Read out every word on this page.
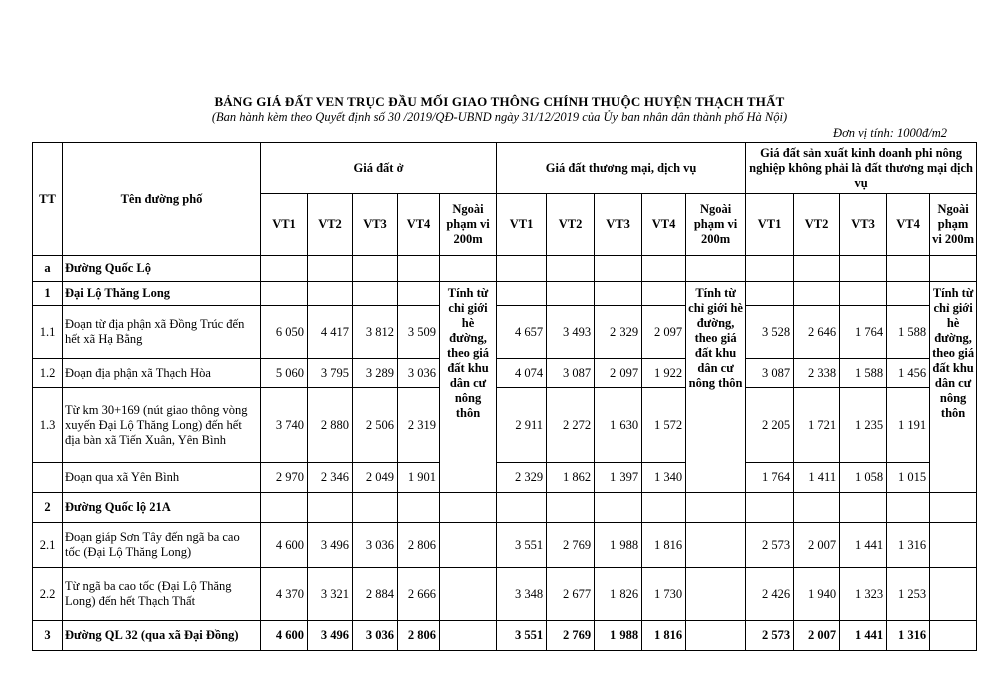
BẢNG GIÁ ĐẤT VEN TRỤC ĐẦU MỐI GIAO THÔNG CHÍNH THUỘC HUYỆN THẠCH THẤT
(Ban hành kèm theo Quyết định số 30 /2019/QĐ-UBND ngày 31/12/2019 của Ủy ban nhân dân thành phố Hà Nội)
Đơn vị tính: 1000đ/m2
TT	Tên đường phố	Giá đất ở					Giá đất thương mại, dịch vụ					Giá đất sản xuất kinh doanh phi nông nghiệp không phải là đất thương mại dịch vụ				
		VT1	VT2	VT3	VT4	Ngoài phạm vi 200m	VT1	VT2	VT3	VT4	Ngoài phạm vi 200m	VT1	VT2	VT3	VT4	Ngoài phạm vi 200m
a	Đường Quốc Lộ															
1	Đại Lộ Thăng Long					Tính từ chỉ giới hè đường, theo giá đất khu dân cư nông thôn					Tính từ chỉ giới hè đường, theo giá đất khu dân cư nông thôn					Tính từ chỉ giới hè đường, theo giá đất khu dân cư nông thôn
1.1	Đoạn từ địa phận xã Đồng Trúc đến hết xã Hạ Bằng	6 050	4 417	3 812	3 509		4 657	3 493	2 329	2 097		3 528	2 646	1 764	1 588	
1.2	Đoạn địa phận xã Thạch Hòa	5 060	3 795	3 289	3 036		4 074	3 087	2 097	1 922		3 087	2 338	1 588	1 456	
1.3	Từ km 30+169 (nút giao thông vòng xuyến Đại Lộ Thăng Long) đến hết địa bàn xã Tiến Xuân, Yên Bình	3 740	2 880	2 506	2 319		2 911	2 272	1 630	1 572		2 205	1 721	1 235	1 191	
	Đoạn qua xã Yên Bình	2 970	2 346	2 049	1 901		2 329	1 862	1 397	1 340		1 764	1 411	1 058	1 015	
2	Đường Quốc lộ 21A															
2.1	Đoạn giáp Sơn Tây đến ngã ba cao tốc (Đại Lộ Thăng Long)	4 600	3 496	3 036	2 806		3 551	2 769	1 988	1 816		2 573	2 007	1 441	1 316	
2.2	Từ ngã ba cao tốc (Đại Lộ Thăng Long) đến hết Thạch Thất	4 370	3 321	2 884	2 666		3 348	2 677	1 826	1 730		2 426	1 940	1 323	1 253	
3	Đường QL 32 (qua xã Đại Đồng)	4 600	3 496	3 036	2 806		3 551	2 769	1 988	1 816		2 573	2 007	1 441	1 316	
